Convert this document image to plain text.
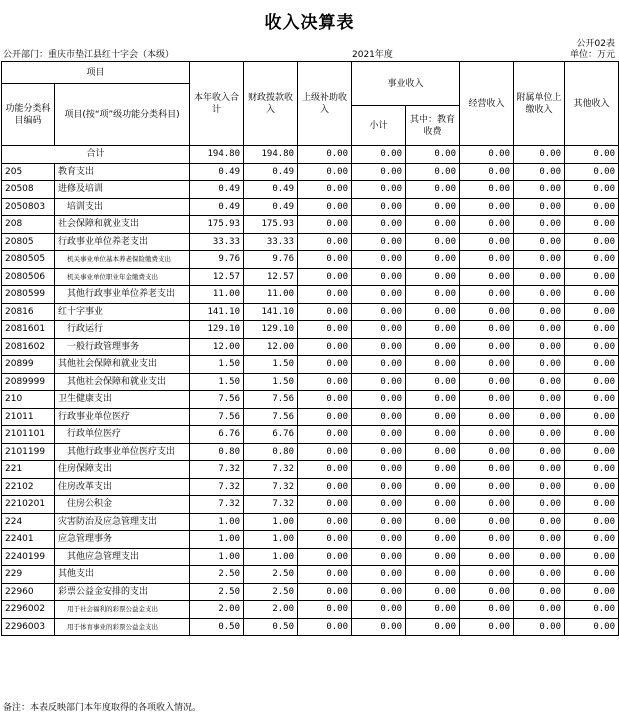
收入决算表
公开02表
公开部门：重庆市垫江县红十字会（本级）	2021年度	单位：万元
项目		本年收入合计	财政拨款收入	上级补助收入	事业收入		经营收入	附属单位上缴收入	其他收入
功能分类科目编码	项目(按“项”级功能分类科目)								
					小计	其中：教育收费			
合计		194.80	194.80	0.00	0.00	0.00	0.00	0.00	0.00
205	教育支出	0.49	0.49	0.00	0.00	0.00	0.00	0.00	0.00
20508	进修及培训	0.49	0.49	0.00	0.00	0.00	0.00	0.00	0.00
2050803	培训支出	0.49	0.49	0.00	0.00	0.00	0.00	0.00	0.00
208	社会保障和就业支出	175.93	175.93	0.00	0.00	0.00	0.00	0.00	0.00
20805	行政事业单位养老支出	33.33	33.33	0.00	0.00	0.00	0.00	0.00	0.00
2080505	机关事业单位基本养老保险缴费支出	9.76	9.76	0.00	0.00	0.00	0.00	0.00	0.00
2080506	机关事业单位职业年金缴费支出	12.57	12.57	0.00	0.00	0.00	0.00	0.00	0.00
2080599	其他行政事业单位养老支出	11.00	11.00	0.00	0.00	0.00	0.00	0.00	0.00
20816	红十字事业	141.10	141.10	0.00	0.00	0.00	0.00	0.00	0.00
2081601	行政运行	129.10	129.10	0.00	0.00	0.00	0.00	0.00	0.00
2081602	一般行政管理事务	12.00	12.00	0.00	0.00	0.00	0.00	0.00	0.00
20899	其他社会保障和就业支出	1.50	1.50	0.00	0.00	0.00	0.00	0.00	0.00
2089999	其他社会保障和就业支出	1.50	1.50	0.00	0.00	0.00	0.00	0.00	0.00
210	卫生健康支出	7.56	7.56	0.00	0.00	0.00	0.00	0.00	0.00
21011	行政事业单位医疗	7.56	7.56	0.00	0.00	0.00	0.00	0.00	0.00
2101101	行政单位医疗	6.76	6.76	0.00	0.00	0.00	0.00	0.00	0.00
2101199	其他行政事业单位医疗支出	0.80	0.80	0.00	0.00	0.00	0.00	0.00	0.00
221	住房保障支出	7.32	7.32	0.00	0.00	0.00	0.00	0.00	0.00
22102	住房改革支出	7.32	7.32	0.00	0.00	0.00	0.00	0.00	0.00
2210201	住房公积金	7.32	7.32	0.00	0.00	0.00	0.00	0.00	0.00
224	灾害防治及应急管理支出	1.00	1.00	0.00	0.00	0.00	0.00	0.00	0.00
22401	应急管理事务	1.00	1.00	0.00	0.00	0.00	0.00	0.00	0.00
2240199	其他应急管理支出	1.00	1.00	0.00	0.00	0.00	0.00	0.00	0.00
229	其他支出	2.50	2.50	0.00	0.00	0.00	0.00	0.00	0.00
22960	彩票公益金安排的支出	2.50	2.50	0.00	0.00	0.00	0.00	0.00	0.00
2296002	用于社会福利的彩票公益金支出	2.00	2.00	0.00	0.00	0.00	0.00	0.00	0.00
2296003	用于体育事业的彩票公益金支出	0.50	0.50	0.00	0.00	0.00	0.00	0.00	0.00
备注：本表反映部门本年度取得的各项收入情况。
